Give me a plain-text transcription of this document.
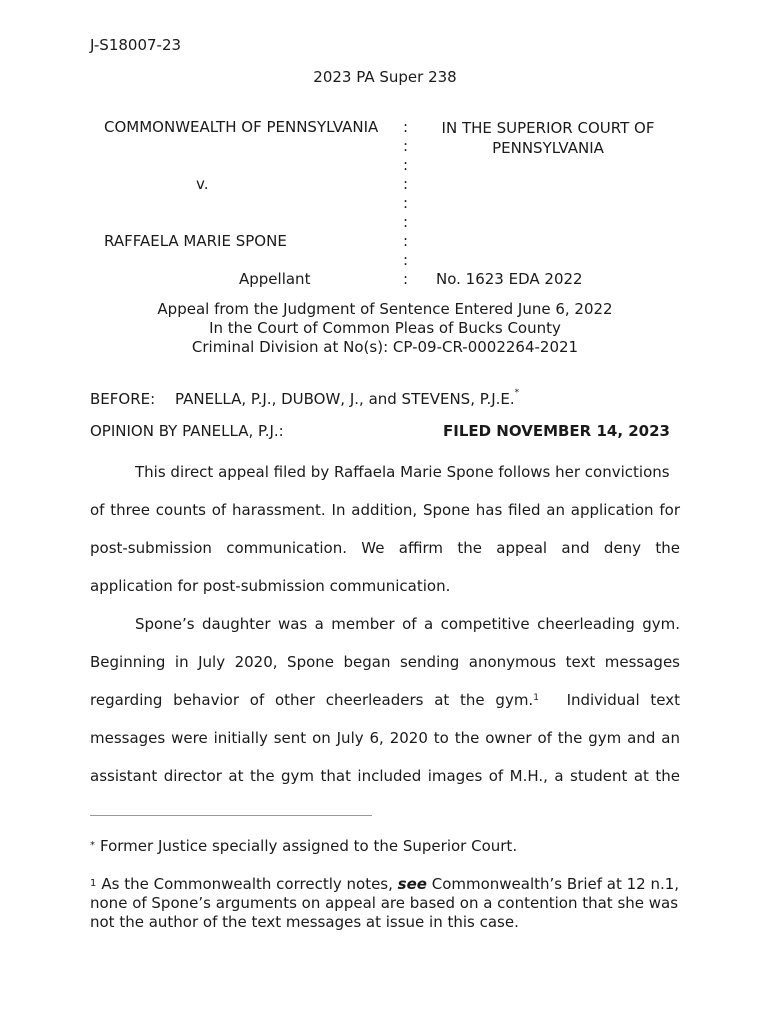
J-S18007-23
2023 PA Super 238
COMMONWEALTH OF PENNSYLVANIA
v.
RAFFAELA MARIE SPONE
Appellant
:
:
:
:
:
:
:
:
:
IN THE SUPERIOR COURT OF
PENNSYLVANIA
No. 1623 EDA 2022
Appeal from the Judgment of Sentence Entered June 6, 2022
In the Court of Common Pleas of Bucks County
Criminal Division at No(s): CP-09-CR-0002264-2021
BEFORE: PANELLA, P.J., DUBOW, J., and STEVENS, P.J.E.*
OPINION BY PANELLA, P.J.:	FILED NOVEMBER 14, 2023
This direct appeal filed by Raffaela Marie Spone follows her convictions
of three counts of harassment. In addition, Spone has filed an application for
post-submission communication. We affirm the appeal and deny the
application for post-submission communication.
Spone’s daughter was a member of a competitive cheerleading gym.
Beginning in July 2020, Spone began sending anonymous text messages
regarding behavior of other cheerleaders at the gym.$^1$ Individual text
messages were initially sent on July 6, 2020 to the owner of the gym and an
assistant director at the gym that included images of M.H., a student at the
* Former Justice specially assigned to the Superior Court.
$^1$ As the Commonwealth correctly notes, see Commonwealth’s Brief at 12 n.1,
none of Spone’s arguments on appeal are based on a contention that she was
not the author of the text messages at issue in this case.
